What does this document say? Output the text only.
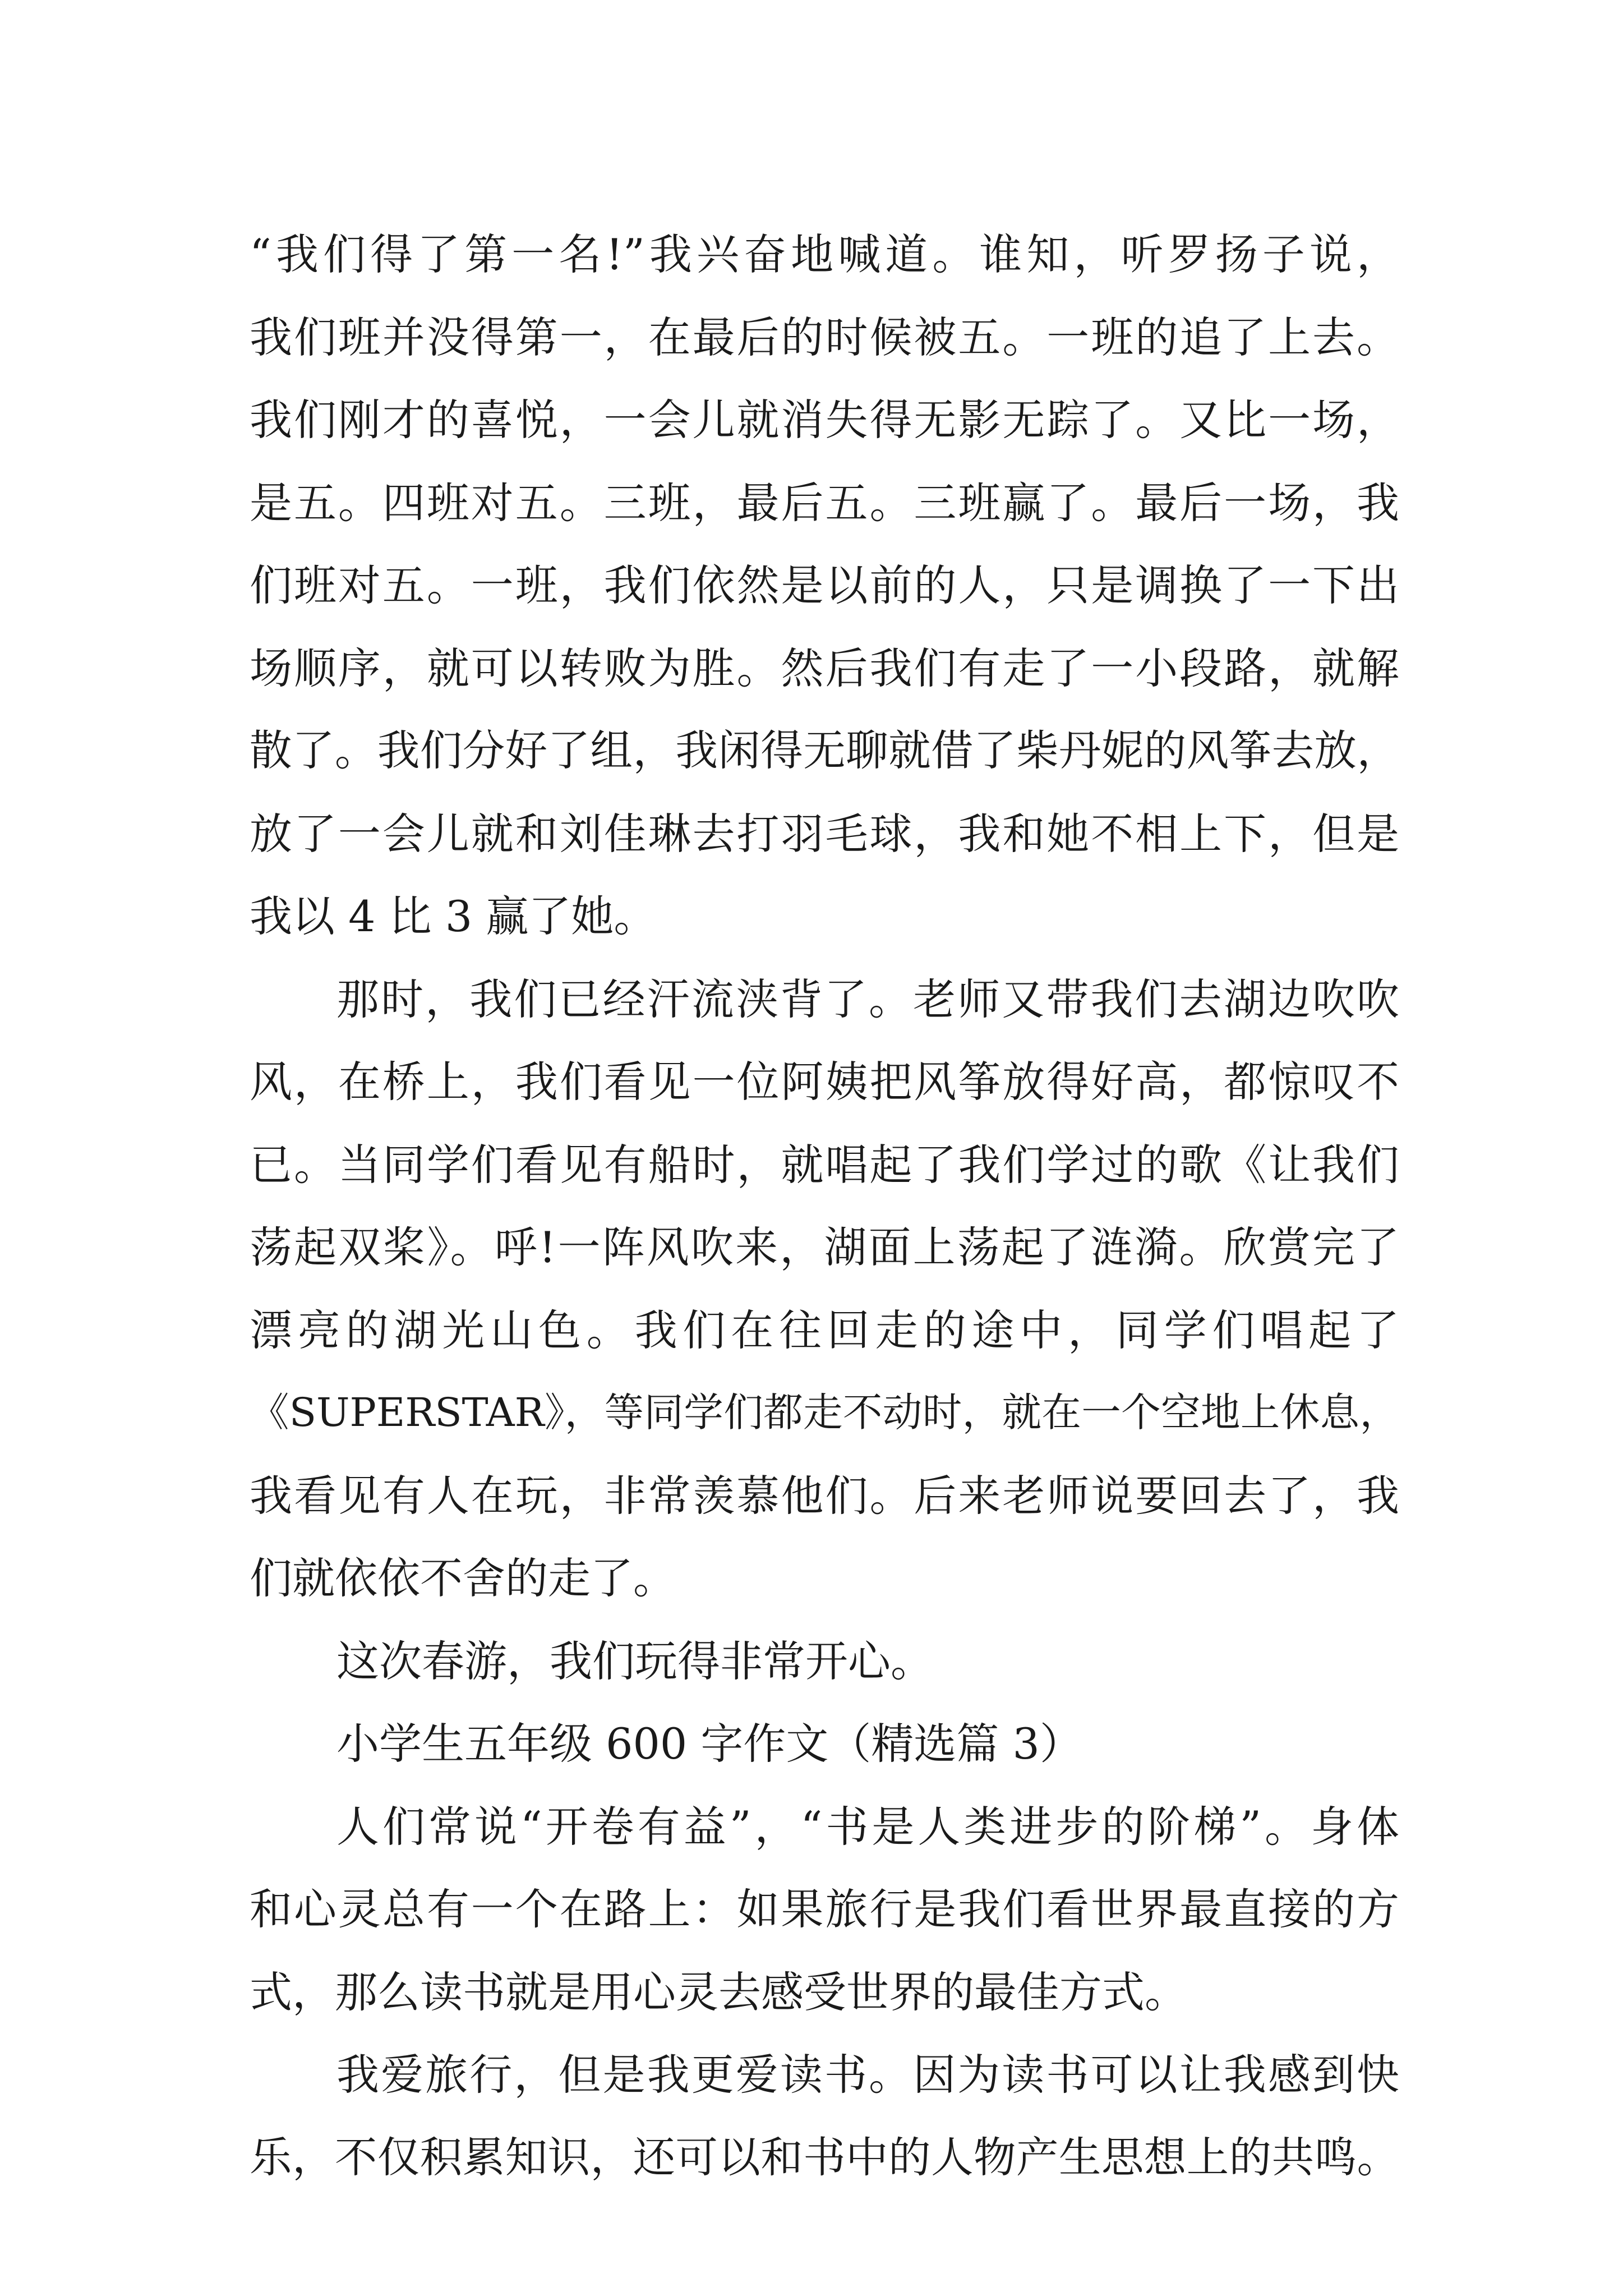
“我们得了第一名!”我兴奋地喊道。谁知，听罗扬子说，
我们班并没得第一，在最后的时候被五。一班的追了上去。
我们刚才的喜悦，一会儿就消失得无影无踪了。又比一场，
是五。四班对五。三班，最后五。三班赢了。最后一场，我
们班对五。一班，我们依然是以前的人，只是调换了一下出
场顺序，就可以转败为胜。然后我们有走了一小段路，就解
散了。我们分好了组，我闲得无聊就借了柴丹妮的风筝去放，
放了一会儿就和刘佳琳去打羽毛球，我和她不相上下，但是
我以 4 比 3 赢了她。
那时，我们已经汗流浃背了。老师又带我们去湖边吹吹
风，在桥上，我们看见一位阿姨把风筝放得好高，都惊叹不
已。当同学们看见有船时，就唱起了我们学过的歌《让我们
荡起双桨》。呼!一阵风吹来，湖面上荡起了涟漪。欣赏完了
漂亮的湖光山色。我们在往回走的途中，同学们唱起了
《SUPERSTAR》，等同学们都走不动时，就在一个空地上休息，
我看见有人在玩，非常羡慕他们。后来老师说要回去了，我
们就依依不舍的走了。
这次春游，我们玩得非常开心。
小学生五年级 600 字作文（精选篇 3）
人们常说“开卷有益”，“书是人类进步的阶梯”。身体
和心灵总有一个在路上：如果旅行是我们看世界最直接的方
式，那么读书就是用心灵去感受世界的最佳方式。
我爱旅行，但是我更爱读书。因为读书可以让我感到快
乐，不仅积累知识，还可以和书中的人物产生思想上的共鸣。
